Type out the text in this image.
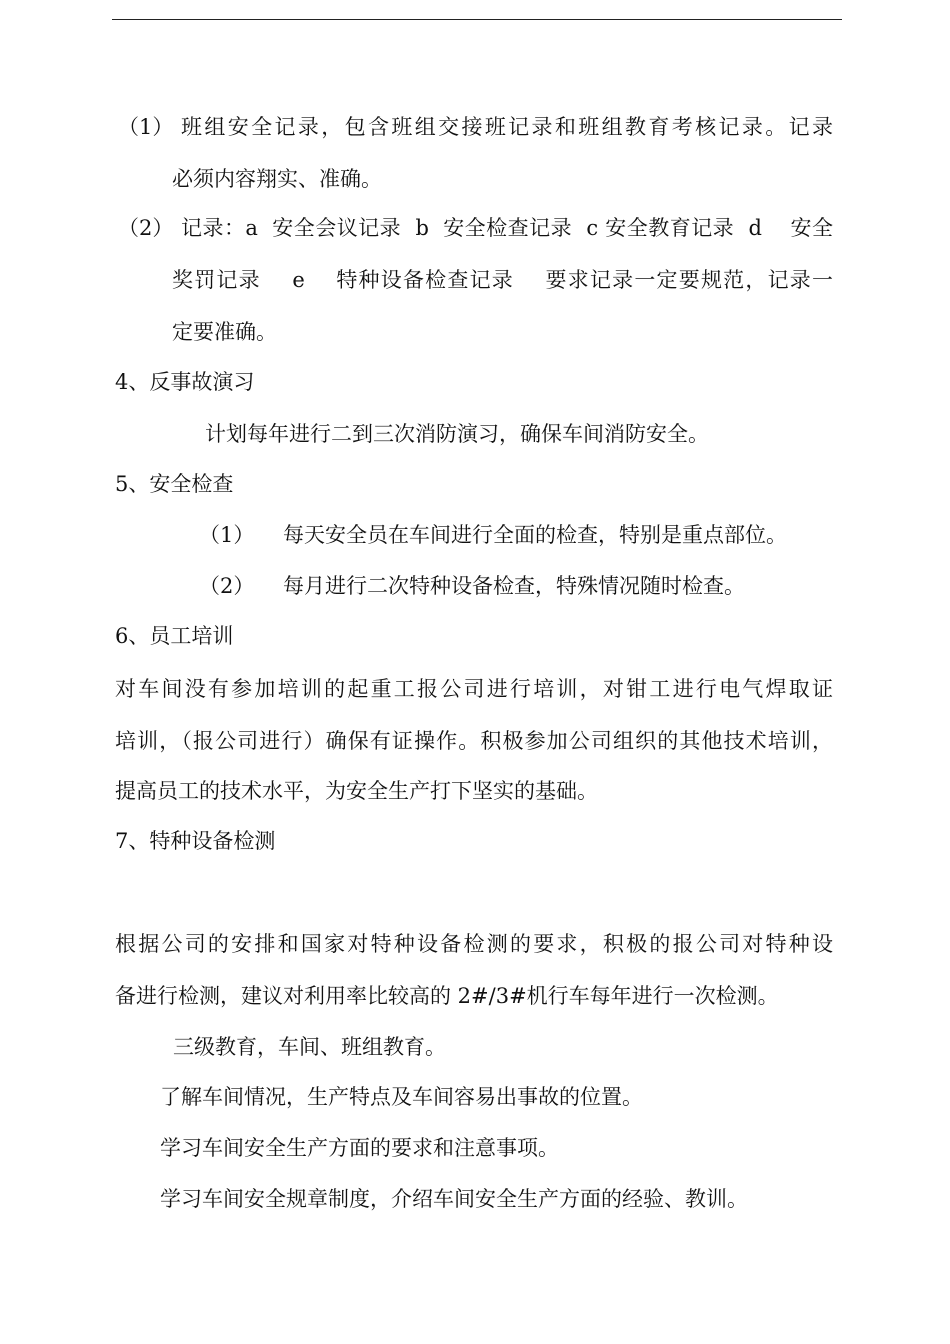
（1） 班组安全记录，包含班组交接班记录和班组教育考核记录。记录
必须内容翔实、准确。
（2） 记录：a  安全会议记录  b  安全检查记录  c 安全教育记录  d    安全
奖罚记录    e    特种设备检查记录    要求记录一定要规范，记录一
定要准确。
4、反事故演习
计划每年进行二到三次消防演习，确保车间消防安全。
5、安全检查
（1） 每天安全员在车间进行全面的检查，特别是重点部位。
（2） 每月进行二次特种设备检查，特殊情况随时检查。
6、员工培训
对车间没有参加培训的起重工报公司进行培训，对钳工进行电气焊取证
培训，（报公司进行）确保有证操作。积极参加公司组织的其他技术培训，
提高员工的技术水平，为安全生产打下坚实的基础。
7、特种设备检测
根据公司的安排和国家对特种设备检测的要求，积极的报公司对特种设
备进行检测，建议对利用率比较高的 2#/3#机行车每年进行一次检测。
三级教育，车间、班组教育。
了解车间情况，生产特点及车间容易出事故的位置。
学习车间安全生产方面的要求和注意事项。
学习车间安全规章制度，介绍车间安全生产方面的经验、教训。
